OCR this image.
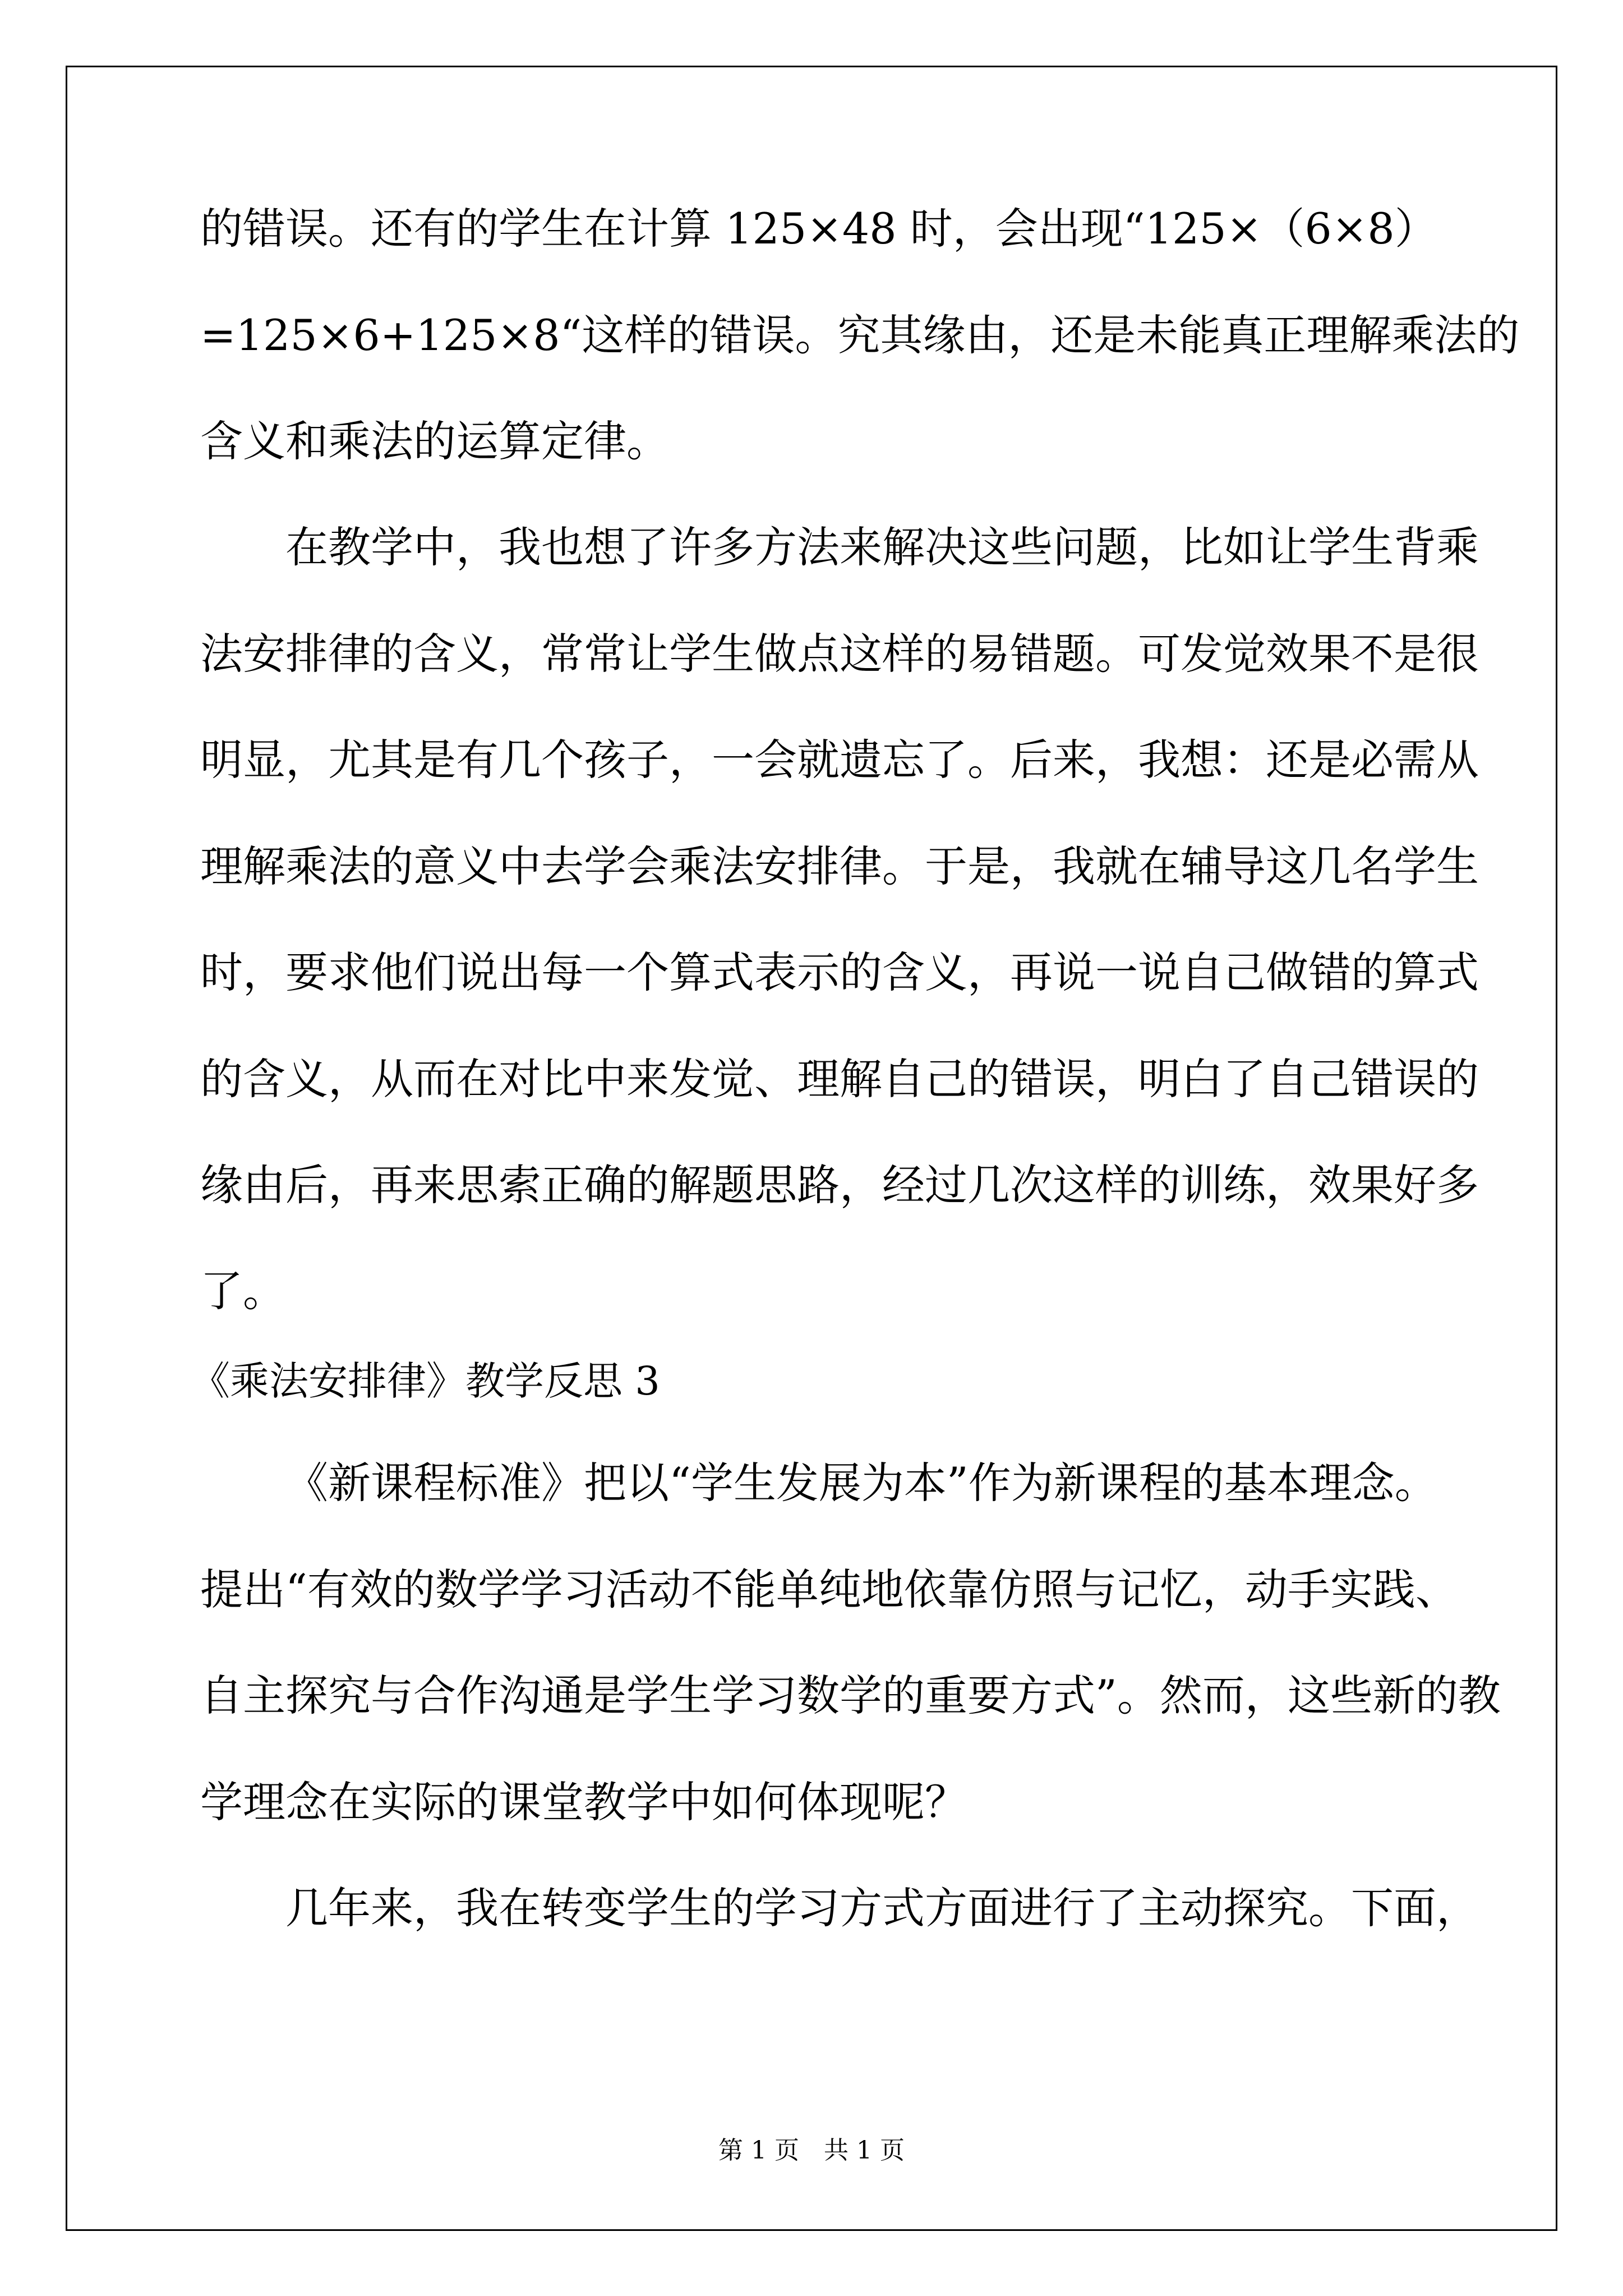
的错误。还有的学生在计算 125×48 时，会出现“125×（6×8）
=125×6+125×8“这样的错误。究其缘由，还是未能真正理解乘法的
含义和乘法的运算定律。
在教学中，我也想了许多方法来解决这些问题，比如让学生背乘
法安排律的含义，常常让学生做点这样的易错题。可发觉效果不是很
明显，尤其是有几个孩子，一会就遗忘了。后来，我想：还是必需从
理解乘法的意义中去学会乘法安排律。于是，我就在辅导这几名学生
时，要求他们说出每一个算式表示的含义，再说一说自己做错的算式
的含义，从而在对比中来发觉、理解自己的错误，明白了自己错误的
缘由后，再来思索正确的解题思路，经过几次这样的训练，效果好多
了。
《乘法安排律》教学反思 3
《新课程标准》把以“学生发展为本”作为新课程的基本理念。
提出“有效的数学学习活动不能单纯地依靠仿照与记忆，动手实践、
自主探究与合作沟通是学生学习数学的重要方式”。然而，这些新的教
学理念在实际的课堂教学中如何体现呢？
几年来，我在转变学生的学习方式方面进行了主动探究。下面，
第 1 页　共 1 页
